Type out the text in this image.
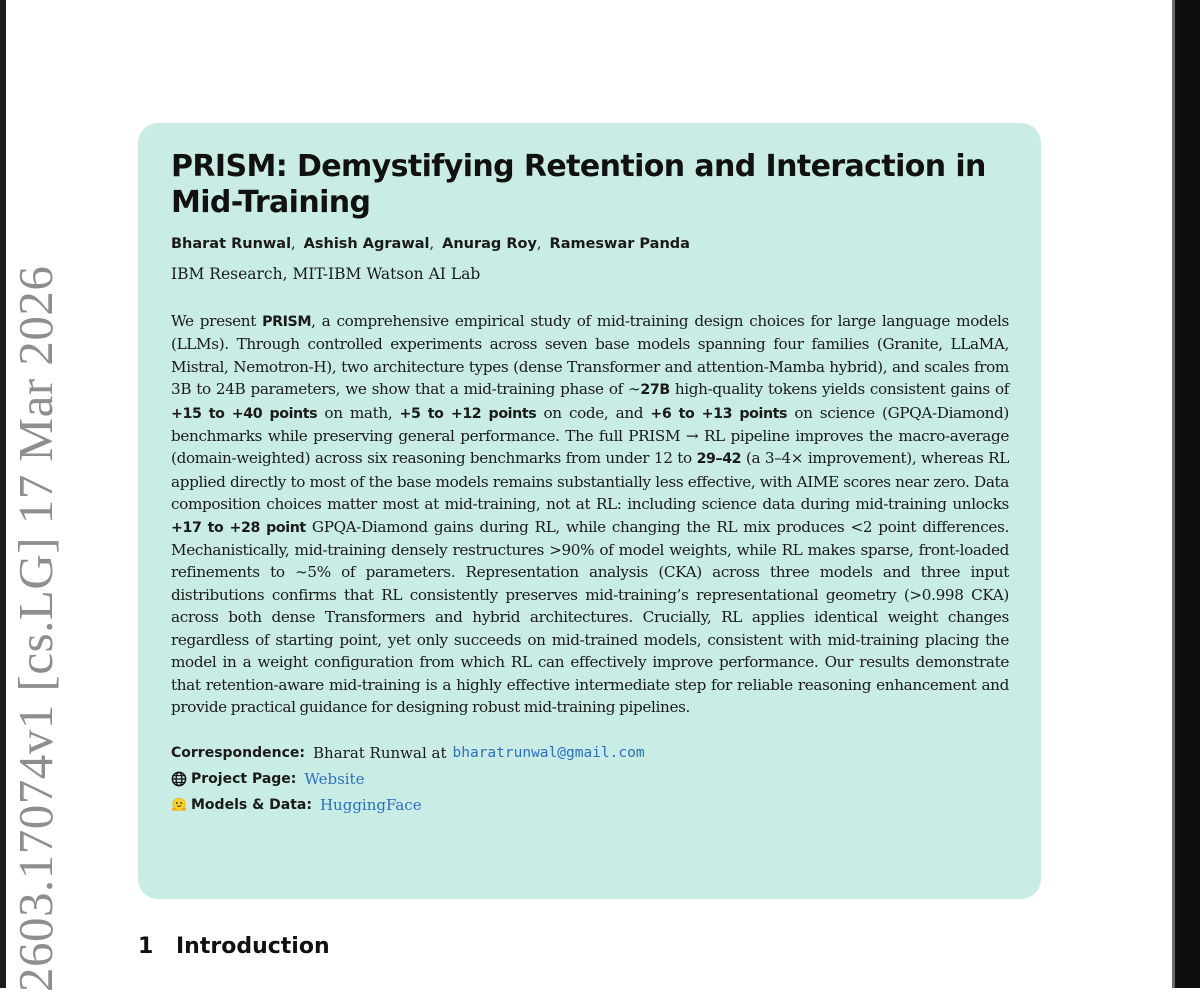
2603.17074v1 [cs.LG] 17 Mar 2026
PRISM: Demystifying Retention and Interaction in Mid-Training
Bharat Runwal , Ashish Agrawal , Anurag Roy , Rameswar Panda
IBM Research, MIT-IBM Watson AI Lab
We present PRISM, a comprehensive empirical study of mid-training design choices for large language models (LLMs). Through controlled experiments across seven base models spanning four families (Granite, LLaMA, Mistral, Nemotron-H), two architecture types (dense Transformer and attention-Mamba hybrid), and scales from 3B to 24B parameters, we show that a mid-training phase of ∼27B high-quality tokens yields consistent gains of +15 to +40 points on math, +5 to +12 points on code, and +6 to +13 points on science (GPQA-Diamond) benchmarks while preserving general performance. The full PRISM → RL pipeline improves the macro-average (domain-weighted) across six reasoning benchmarks from under 12 to 29–42 (a 3–4× improvement), whereas RL applied directly to most of the base models remains substantially less effective, with AIME scores near zero. Data composition choices matter most at mid-training, not at RL: including science data during mid-training unlocks +17 to +28 point GPQA-Diamond gains during RL, while changing the RL mix produces <2 point differences. Mechanistically, mid-training densely restructures >90% of model weights, while RL makes sparse, front-loaded refinements to ∼5% of parameters. Representation analysis (CKA) across three models and three input distributions confirms that RL consistently preserves mid-training’s representational geometry (>0.998 CKA) across both dense Transformers and hybrid architectures. Crucially, RL applies identical weight changes regardless of starting point, yet only succeeds on mid-trained models, consistent with mid-training placing the model in a weight configuration from which RL can effectively improve performance. Our results demonstrate that retention-aware mid-training is a highly effective intermediate step for reliable reasoning enhancement and provide practical guidance for designing robust mid-training pipelines.
Correspondence: Bharat Runwal at bharatrunwal@gmail.com
Project Page: Website
Models & Data: HuggingFace
1 Introduction
